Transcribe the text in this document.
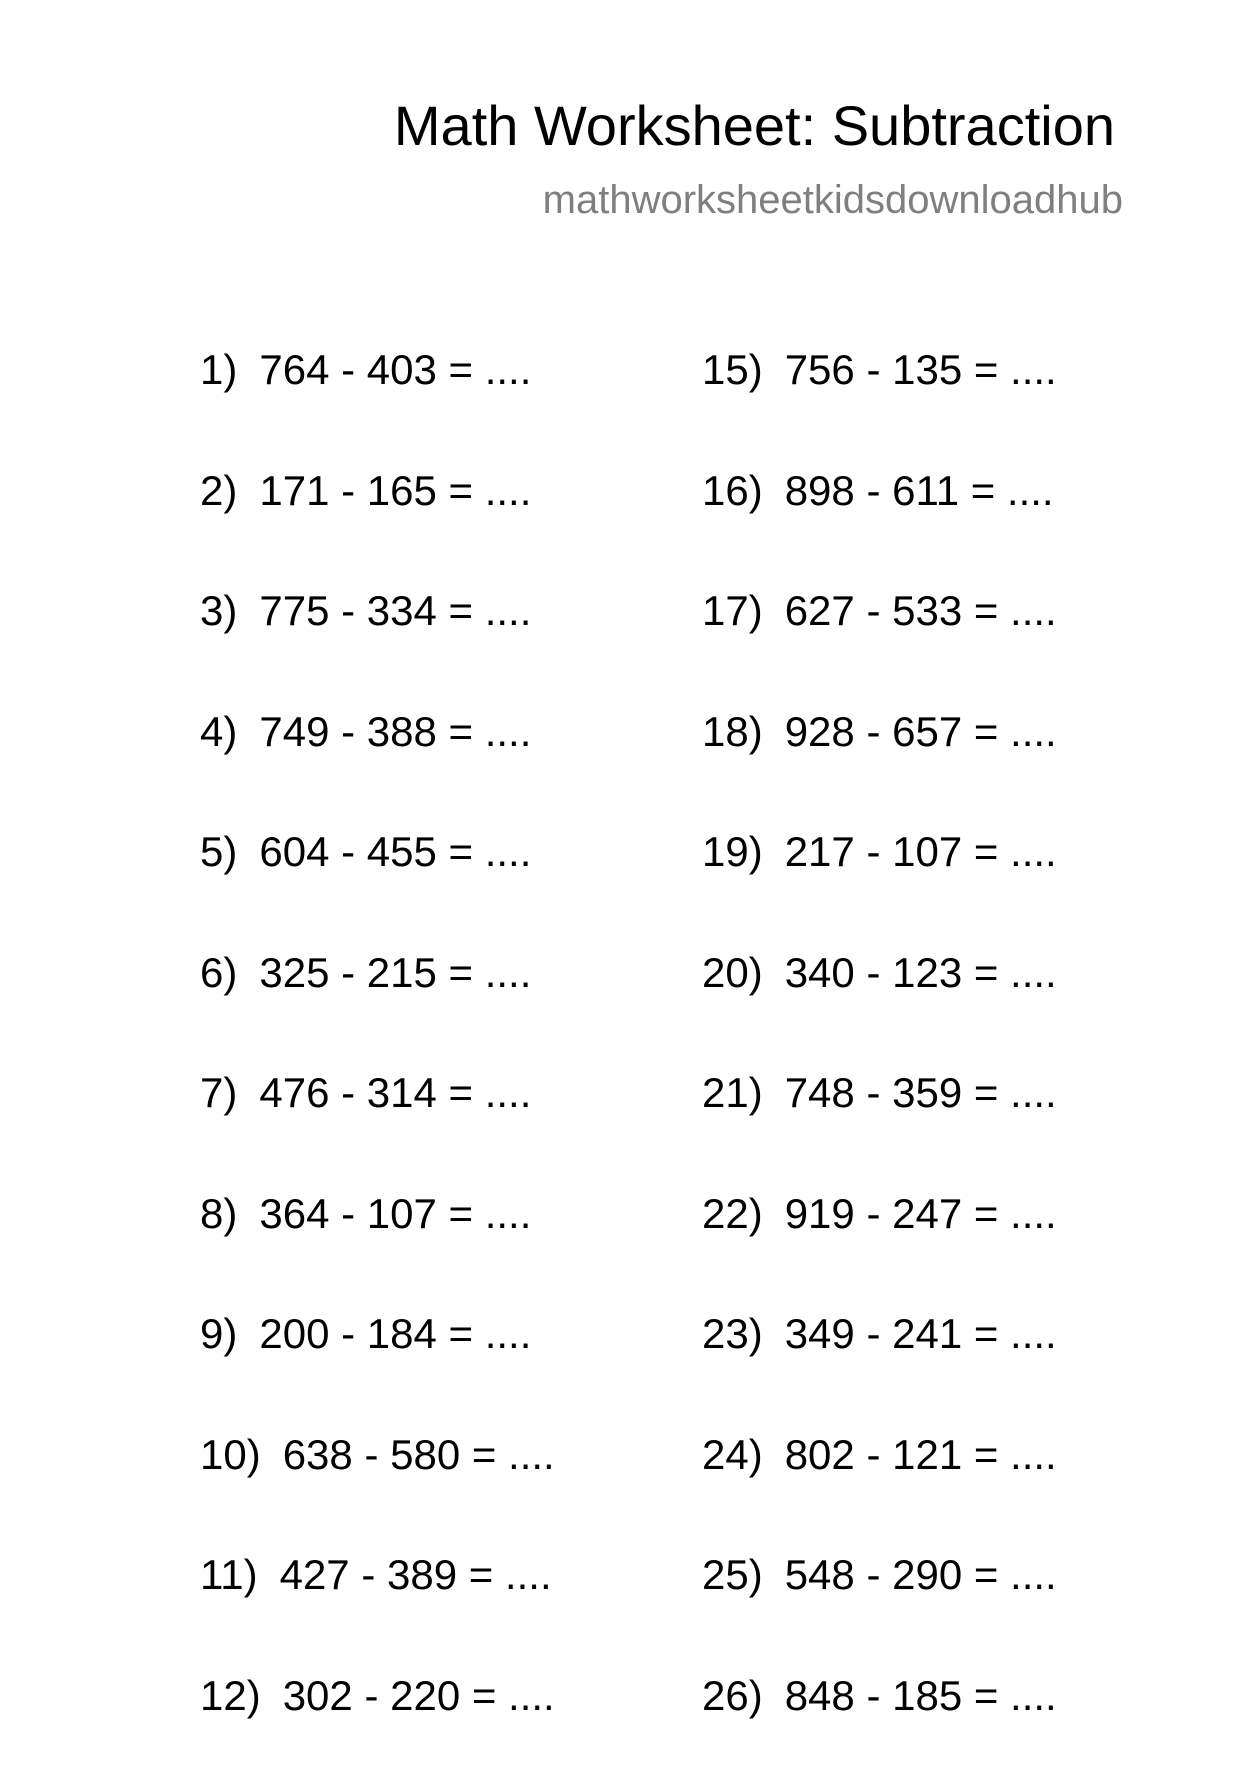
Math Worksheet: Subtraction
mathworksheetkidsdownloadhub
1) 764 - 403 = ....
2) 171 - 165 = ....
3) 775 - 334 = ....
4) 749 - 388 = ....
5) 604 - 455 = ....
6) 325 - 215 = ....
7) 476 - 314 = ....
8) 364 - 107 = ....
9) 200 - 184 = ....
10) 638 - 580 = ....
11) 427 - 389 = ....
12) 302 - 220 = ....
15) 756 - 135 = ....
16) 898 - 611 = ....
17) 627 - 533 = ....
18) 928 - 657 = ....
19) 217 - 107 = ....
20) 340 - 123 = ....
21) 748 - 359 = ....
22) 919 - 247 = ....
23) 349 - 241 = ....
24) 802 - 121 = ....
25) 548 - 290 = ....
26) 848 - 185 = ....
